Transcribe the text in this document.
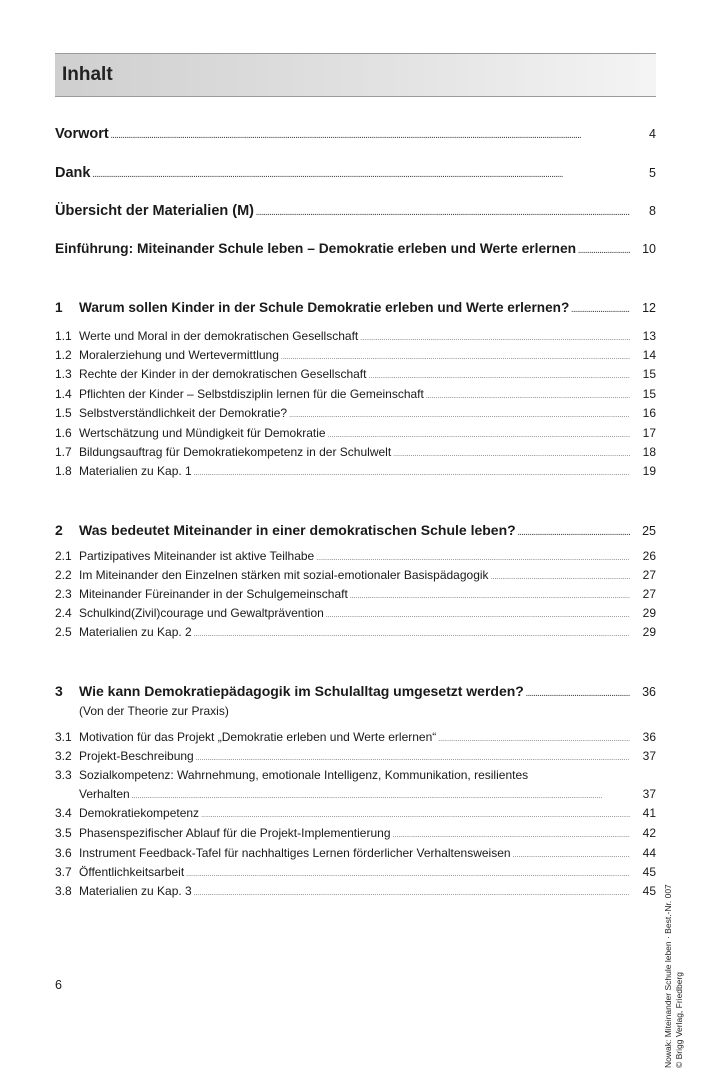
Inhalt
Vorwort .....	4
Dank .....	5
Übersicht der Materialien (M) .....	8
Einführung: Miteinander Schule leben – Demokratie erleben und Werte erlernen .....	10
1	Warum sollen Kinder in der Schule Demokratie erleben und Werte erlernen? .....	12
1.1 Werte und Moral in der demokratischen Gesellschaft .....	13
1.2 Moralerziehung und Wertevermittlung .....	14
1.3 Rechte der Kinder in der demokratischen Gesellschaft .....	15
1.4 Pflichten der Kinder – Selbstdisziplin lernen für die Gemeinschaft .....	15
1.5 Selbstverständlichkeit der Demokratie? .....	16
1.6 Wertschätzung und Mündigkeit für Demokratie .....	17
1.7 Bildungsauftrag für Demokratiekompetenz in der Schulwelt .....	18
1.8 Materialien zu Kap. 1 .....	19
2	Was bedeutet Miteinander in einer demokratischen Schule leben? .....	25
2.1 Partizipatives Miteinander ist aktive Teilhabe .....	26
2.2 Im Miteinander den Einzelnen stärken mit sozial-emotionaler Basispädagogik .....	27
2.3 Miteinander Füreinander in der Schulgemeinschaft .....	27
2.4 Schulkind(Zivil)courage und Gewaltprävention .....	29
2.5 Materialien zu Kap. 2 .....	29
3	Wie kann Demokratiepädagogik im Schulalltag umgesetzt werden? .....	36
(Von der Theorie zur Praxis)
3.1 Motivation für das Projekt „Demokratie erleben und Werte erlernen“ .....	36
3.2 Projekt-Beschreibung .....	37
3.3 Sozialkompetenz: Wahrnehmung, emotionale Intelligenz, Kommunikation, resilientes
Verhalten .....	37
3.4 Demokratiekompetenz .....	41
3.5 Phasenspezifischer Ablauf für die Projekt-Implementierung .....	42
3.6 Instrument Feedback-Tafel für nachhaltiges Lernen förderlicher Verhaltensweisen .....	44
3.7 Öffentlichkeitsarbeit .....	45
3.8 Materialien zu Kap. 3 .....	45 Nowak: Miteinander Schule leben · Best.-Nr. 007 © Brigg Verlag, Friedberg
6
